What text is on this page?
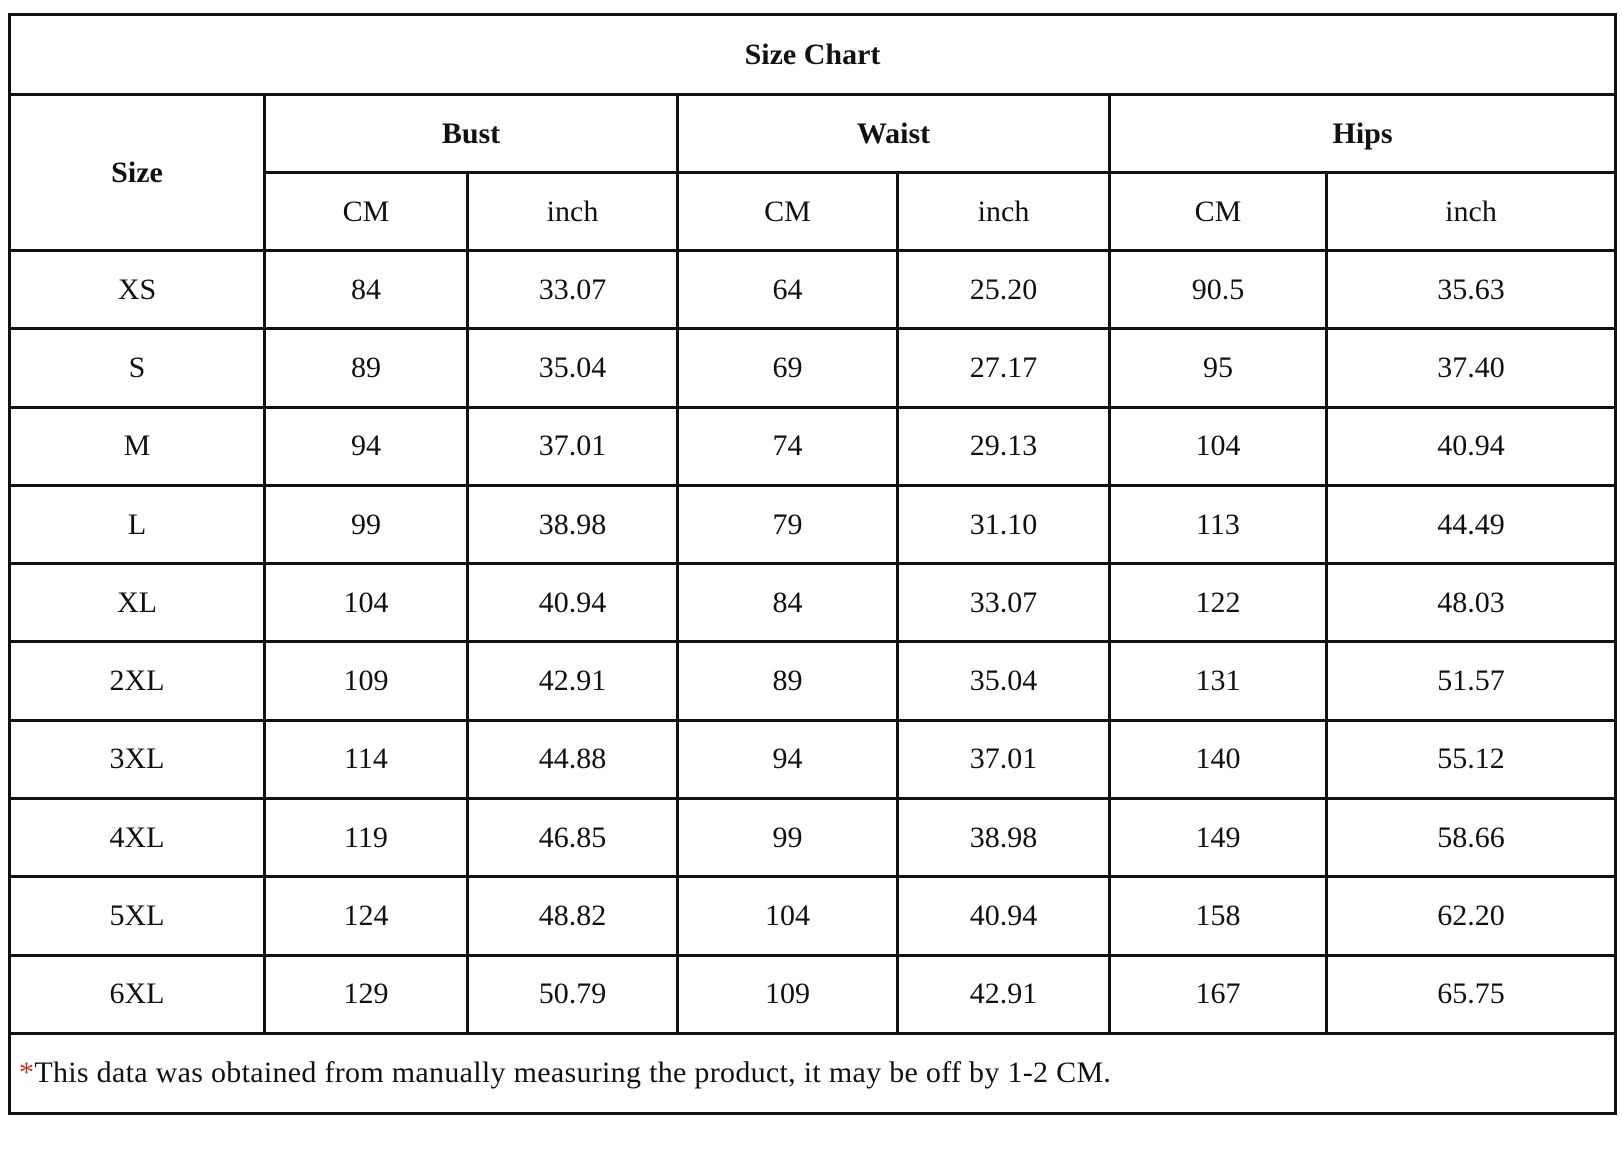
Size Chart						
Size	Bust		Waist		Hips	
	CM	inch	CM	inch	CM	inch
XS	84	33.07	64	25.20	90.5	35.63
S	89	35.04	69	27.17	95	37.40
M	94	37.01	74	29.13	104	40.94
L	99	38.98	79	31.10	113	44.49
XL	104	40.94	84	33.07	122	48.03
2XL	109	42.91	89	35.04	131	51.57
3XL	114	44.88	94	37.01	140	55.12
4XL	119	46.85	99	38.98	149	58.66
5XL	124	48.82	104	40.94	158	62.20
6XL	129	50.79	109	42.91	167	65.75
*This data was obtained from manually measuring the product, it may be off by 1-2 CM.						
